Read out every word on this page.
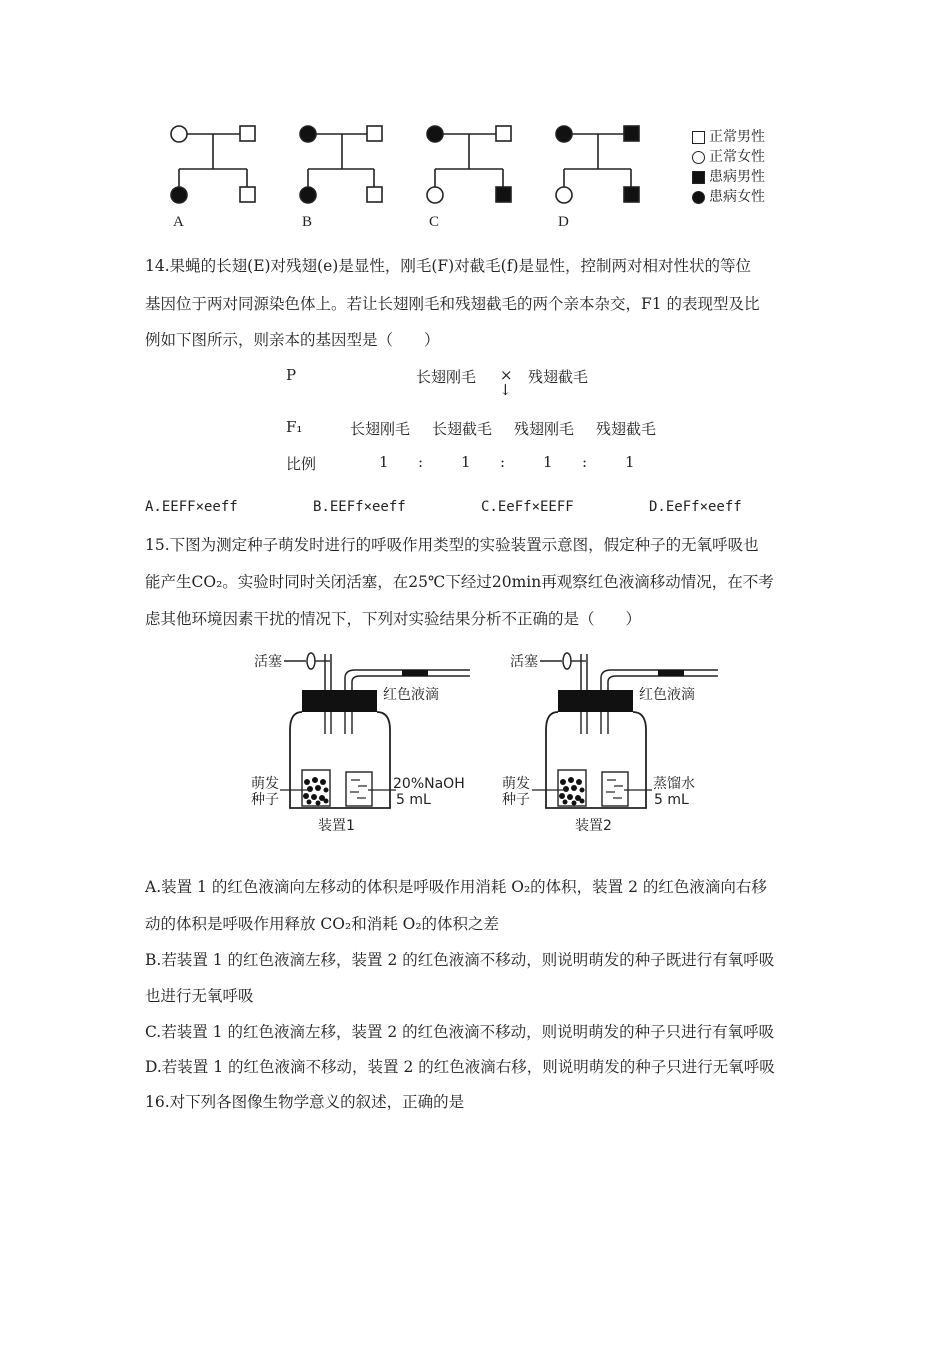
A	B	C	D
正常男性
正常女性
患病男性
患病女性
14.果蝇的长翅(E)对残翅(e)是显性，刚毛(F)对截毛(f)是显性，控制两对相对性状的等位
基因位于两对同源染色体上。若让长翅刚毛和残翅截毛的两个亲本杂交，F1 的表现型及比
例如下图所示，则亲本的基因型是（　　）
P	长翅刚毛 × 残翅截毛
↓
F₁	长翅刚毛 长翅截毛 残翅刚毛 残翅截毛
比例	1 :	1 :	1 :	1
A.EEFF×eeff	B.EEFf×eeff	C.EeFf×EEFF	D.EeFf×eeff
15.下图为测定种子萌发时进行的呼吸作用类型的实验装置示意图，假定种子的无氧呼吸也
能产生CO₂。实验时同时关闭活塞，在25℃下经过20min再观察红色液滴移动情况，在不考
虑其他环境因素干扰的情况下，下列对实验结果分析不正确的是（　　）
活塞
红色液滴
萌发
种子
20%NaOH
5 mL
装置1
活塞
红色液滴
萌发
种子
蒸馏水
5 mL
装置2
A.装置 1 的红色液滴向左移动的体积是呼吸作用消耗 O₂的体积，装置 2 的红色液滴向右移
动的体积是呼吸作用释放 CO₂和消耗 O₂的体积之差
B.若装置 1 的红色液滴左移，装置 2 的红色液滴不移动，则说明萌发的种子既进行有氧呼吸
也进行无氧呼吸
C.若装置 1 的红色液滴左移，装置 2 的红色液滴不移动，则说明萌发的种子只进行有氧呼吸
D.若装置 1 的红色液滴不移动，装置 2 的红色液滴右移，则说明萌发的种子只进行无氧呼吸
16.对下列各图像生物学意义的叙述，正确的是
